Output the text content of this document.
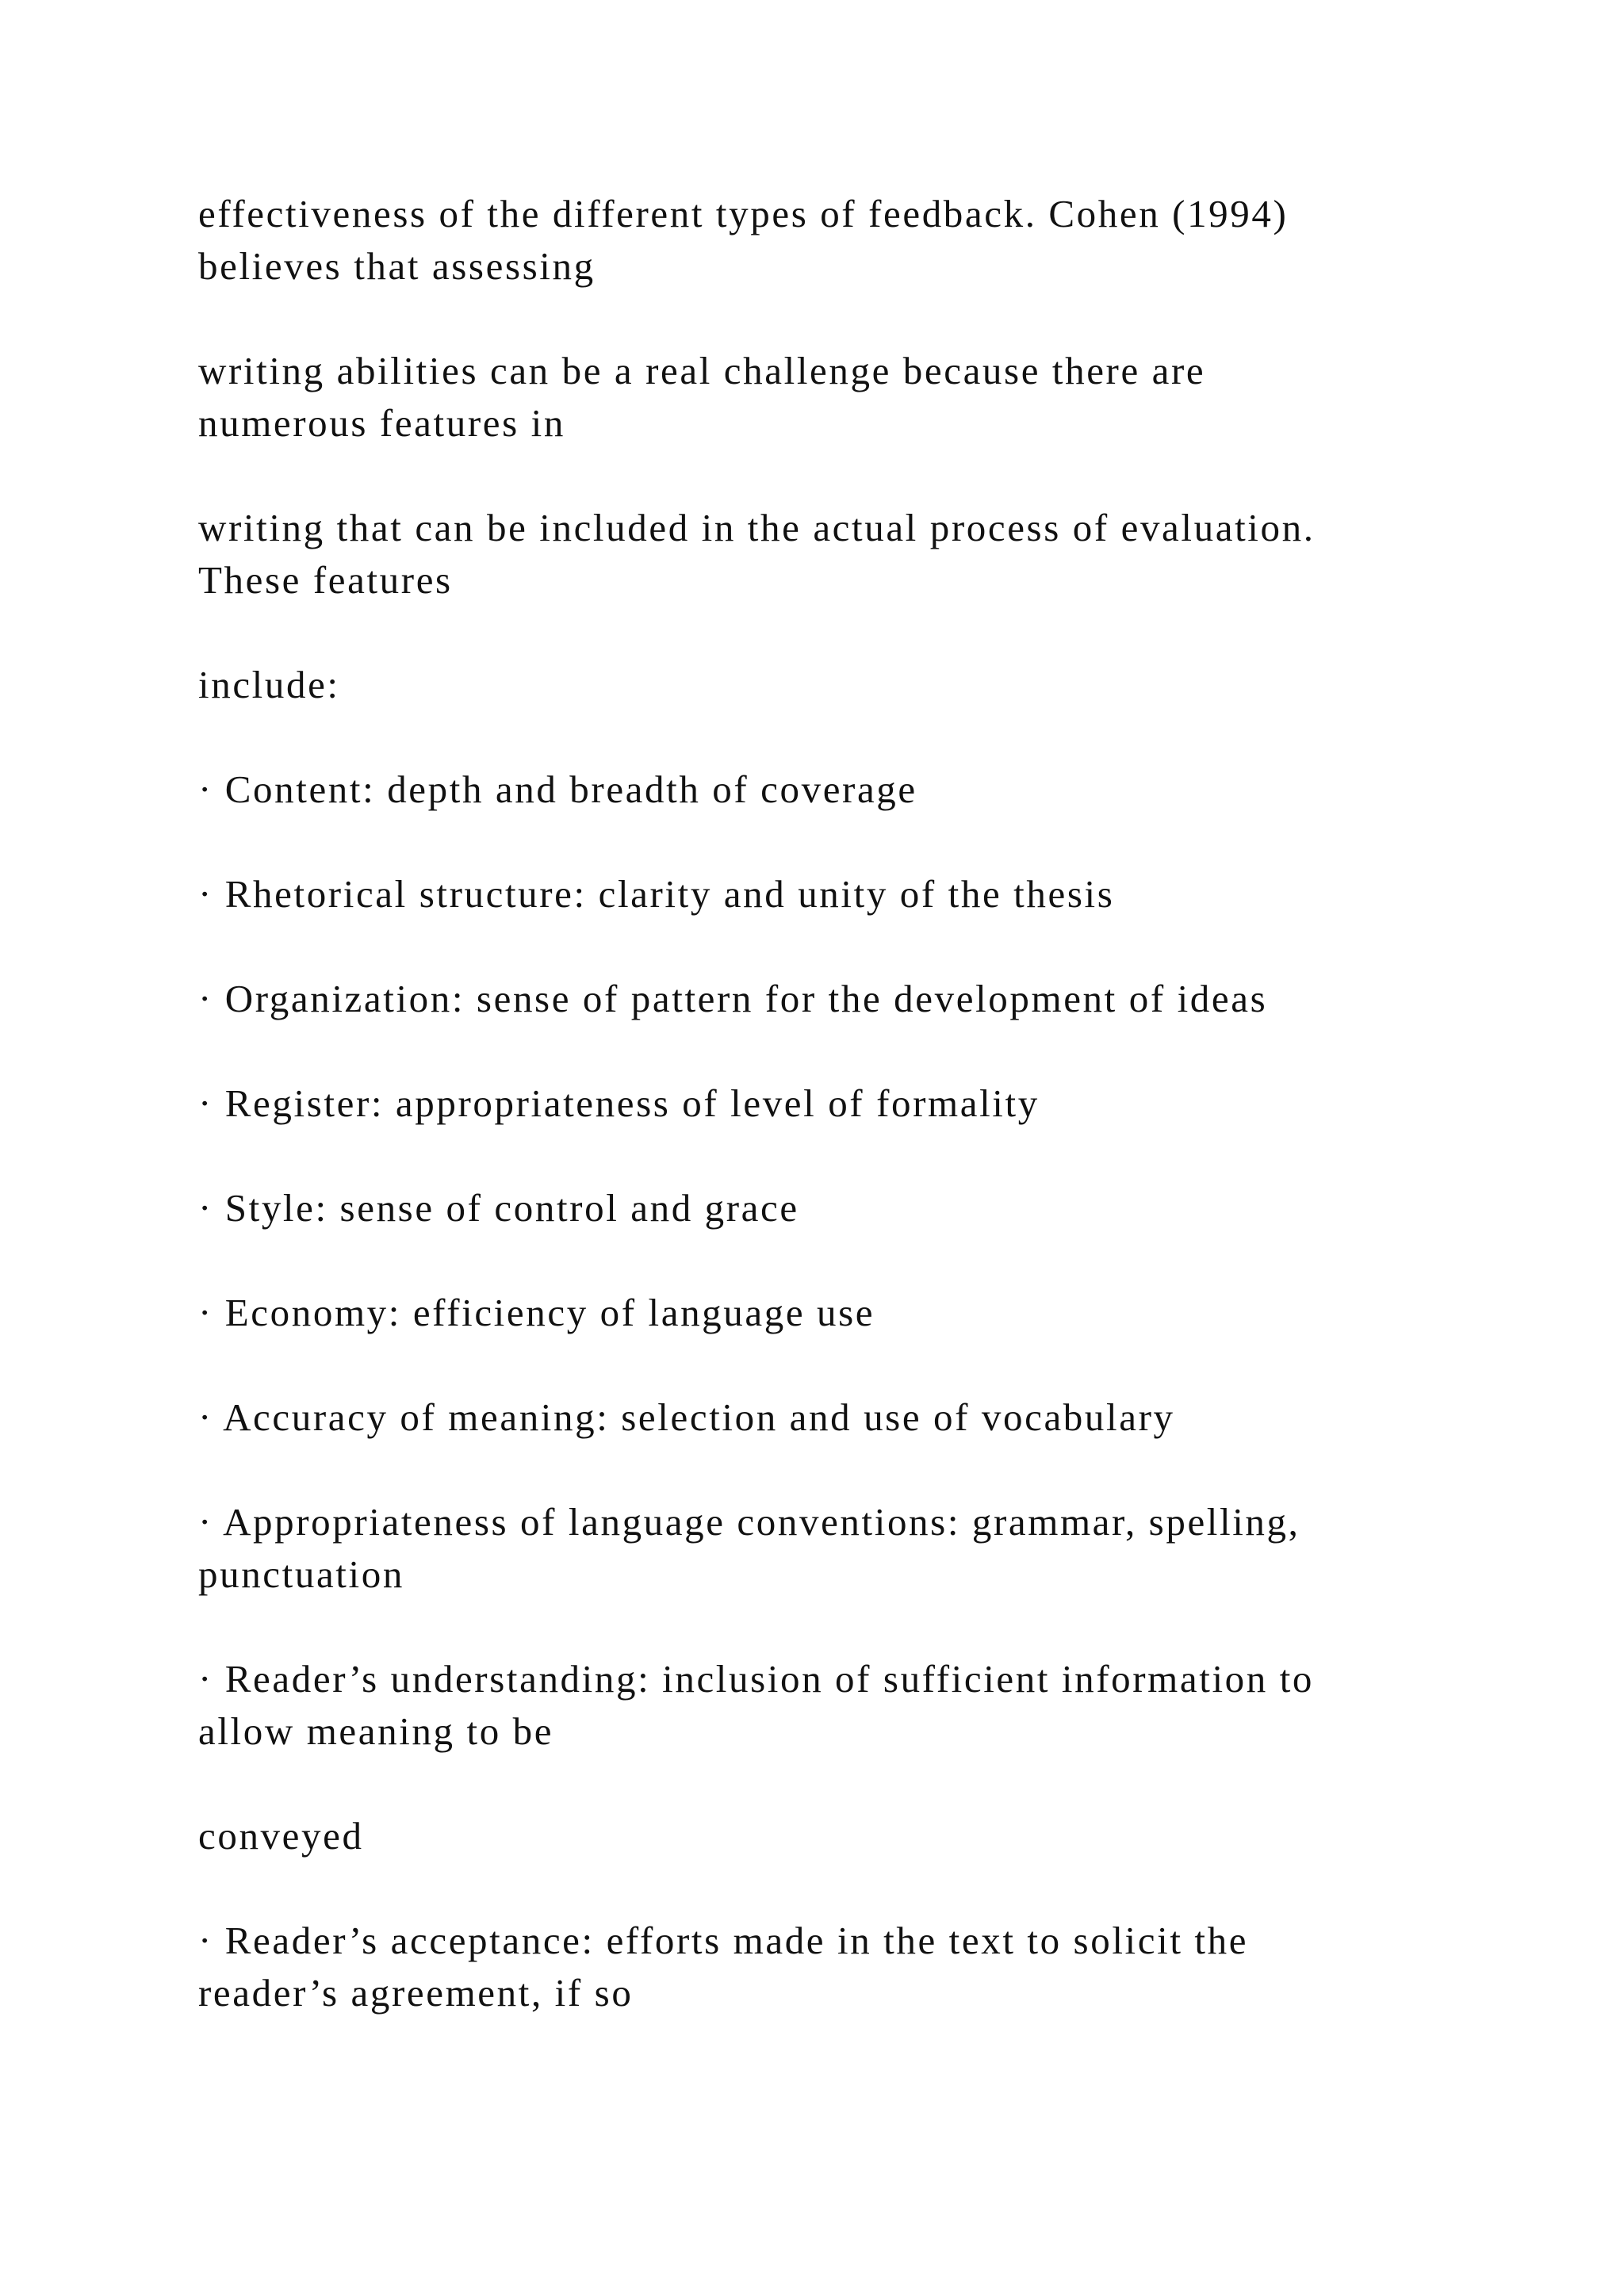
effectiveness of the different types of feedback. Cohen (1994)
believes that assessing

writing abilities can be a real challenge because there are
numerous features in

writing that can be included in the actual process of evaluation.
These features

include:

· Content: depth and breadth of coverage

· Rhetorical structure: clarity and unity of the thesis

· Organization: sense of pattern for the development of ideas

· Register: appropriateness of level of formality

· Style: sense of control and grace

· Economy: efficiency of language use

· Accuracy of meaning: selection and use of vocabulary

· Appropriateness of language conventions: grammar, spelling,
punctuation

· Reader’s understanding: inclusion of sufficient information to
allow meaning to be

conveyed

· Reader’s acceptance: efforts made in the text to solicit the
reader’s agreement, if so
